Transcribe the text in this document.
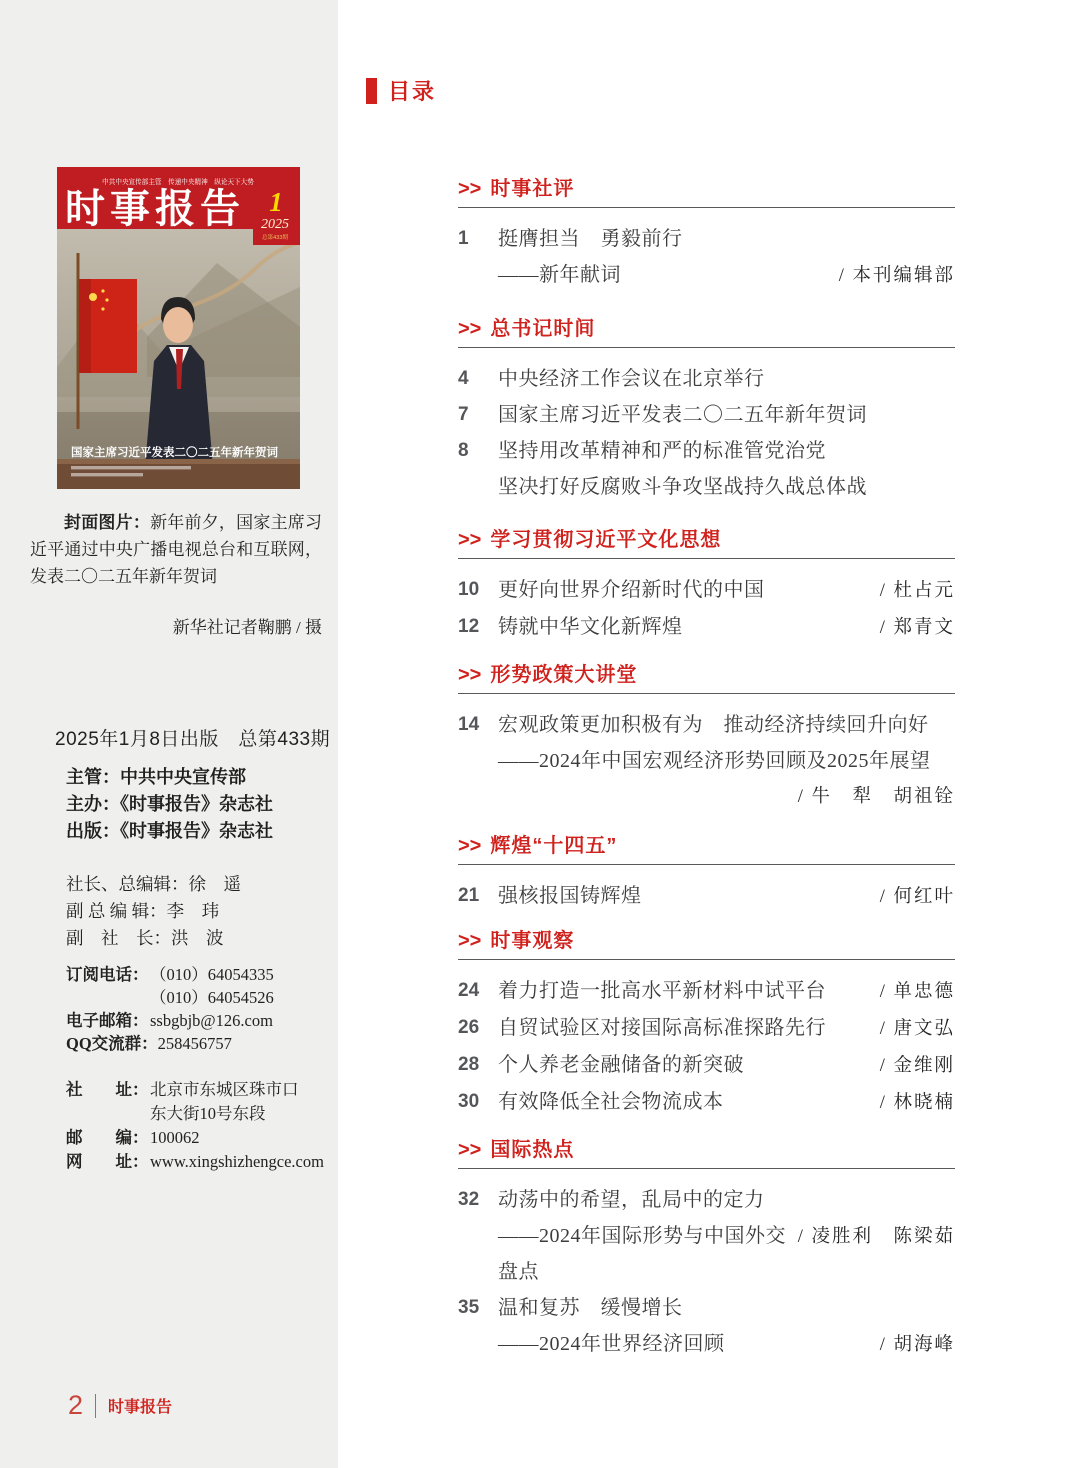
中共中央宣传部主管　传递中央精神　纵论天下大势
时事报告 1
2025
总第433期
国家主席习近平发表二〇二五年新年贺词

封面图片：新年前夕，国家主席习近平通过中央广播电视总台和互联网，发表二〇二五年新年贺词

新华社记者鞠鹏 / 摄

2025年1月8日出版　总第433期
主管：中共中央宣传部
主办：《时事报告》杂志社
出版：《时事报告》杂志社
社长、总编辑：徐　遥
副 总 编 辑：李　玮
副　社　长：洪　波
订阅电话： （010）64054335
（010）64054526
电子邮箱： ssbgbjb@126.com
QQ交流群： 258456757
社　　址： 北京市东城区珠市口
东大街10号东段
邮　　编： 100062
网　　址： www.xingshizhengce.com
2 时事报告
目录
>> 时事社评
1	挺膺担当　勇毅前行
——新年献词	/ 本刊编辑部
>> 总书记时间
4	中央经济工作会议在北京举行
7	国家主席习近平发表二〇二五年新年贺词
8	坚持用改革精神和严的标准管党治党
坚决打好反腐败斗争攻坚战持久战总体战
>> 学习贯彻习近平文化思想
10 更好向世界介绍新时代的中国	/ 杜占元
12 铸就中华文化新辉煌	/ 郑青文
>> 形势政策大讲堂
14 宏观政策更加积极有为　推动经济持续回升向好
——2024年中国宏观经济形势回顾及2025年展望
/ 牛　犁　胡祖铨
>> 辉煌“十四五”
21 强核报国铸辉煌	/ 何红叶
>> 时事观察
24 着力打造一批高水平新材料中试平台	/ 单忠德
26 自贸试验区对接国际高标准探路先行	/ 唐文弘
28 个人养老金融储备的新突破	/ 金维刚
30 有效降低全社会物流成本	/ 林晓楠
>> 国际热点
32 动荡中的希望，乱局中的定力
——2024年国际形势与中国外交盘点
/ 凌胜利　陈梁茹
35 温和复苏　缓慢增长
——2024年世界经济回顾	/ 胡海峰
